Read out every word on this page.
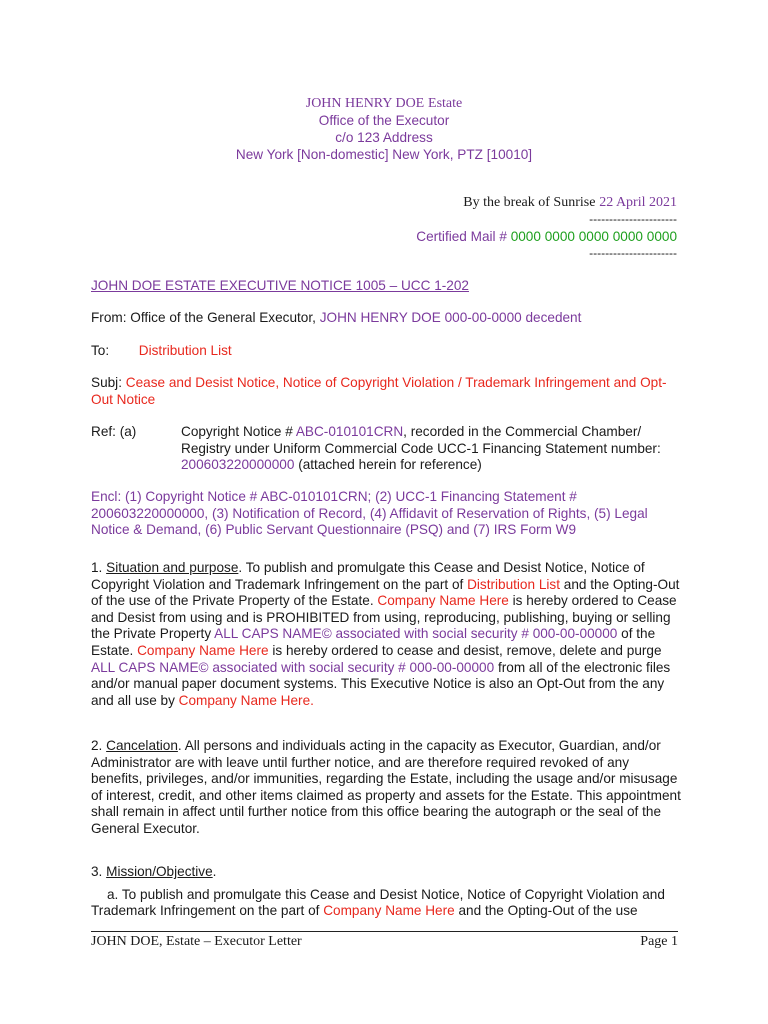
JOHN HENRY DOE Estate
Office of the Executor
c/o 123 Address
New York [Non-domestic] New York, PTZ [10010]
By the break of Sunrise 22 April 2021
----------------------
Certified Mail # 0000 0000 0000 0000 0000
----------------------
JOHN DOE ESTATE EXECUTIVE NOTICE 1005 – UCC 1-202
From: Office of the General Executor, JOHN HENRY DOE 000-00-0000 decedent
To: Distribution List
Subj: Cease and Desist Notice, Notice of Copyright Violation / Trademark Infringement and Opt-Out Notice
Ref: (a)	Copyright Notice # ABC-010101CRN, recorded in the Commercial Chamber/ Registry under Uniform Commercial Code UCC-1 Financing Statement number: 200603220000000 (attached herein for reference)
Encl: (1) Copyright Notice # ABC-010101CRN; (2) UCC-1 Financing Statement # 200603220000000, (3) Notification of Record, (4) Affidavit of Reservation of Rights, (5) Legal Notice & Demand, (6) Public Servant Questionnaire (PSQ) and (7) IRS Form W9

1. Situation and purpose. To publish and promulgate this Cease and Desist Notice, Notice of Copyright Violation and Trademark Infringement on the part of Distribution List and the Opting-Out of the use of the Private Property of the Estate. Company Name Here is hereby ordered to Cease and Desist from using and is PROHIBITED from using, reproducing, publishing, buying or selling the Private Property ALL CAPS NAME© associated with social security # 000-00-00000 of the Estate. Company Name Here is hereby ordered to cease and desist, remove, delete and purge ALL CAPS NAME© associated with social security # 000-00-00000 from all of the electronic files and/or manual paper document systems. This Executive Notice is also an Opt-Out from the any and all use by Company Name Here.

2. Cancelation. All persons and individuals acting in the capacity as Executor, Guardian, and/or Administrator are with leave until further notice, and are therefore required revoked of any benefits, privileges, and/or immunities, regarding the Estate, including the usage and/or misusage of interest, credit, and other items claimed as property and assets for the Estate. This appointment shall remain in affect until further notice from this office bearing the autograph or the seal of the General Executor.

3. Mission/Objective.

a. To publish and promulgate this Cease and Desist Notice, Notice of Copyright Violation and Trademark Infringement on the part of Company Name Here and the Opting-Out of the use

JOHN DOE, Estate – Executor Letter	Page 1
